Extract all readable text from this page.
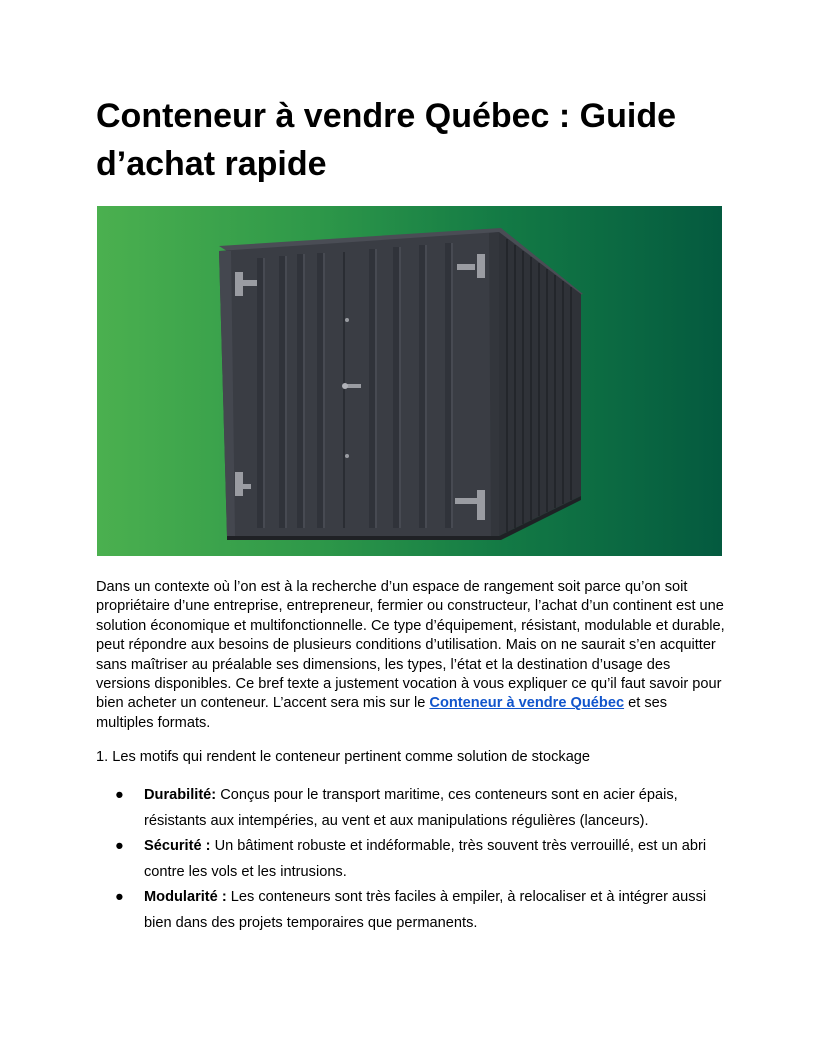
Conteneur à vendre Québec : Guide d’achat rapide

Dans un contexte où l’on est à la recherche d’un espace de rangement soit parce qu’on soit propriétaire d’une entreprise, entrepreneur, fermier ou constructeur, l’achat d’un continent est une solution économique et multifonctionnelle. Ce type d’équipement, résistant, modulable et durable, peut répondre aux besoins de plusieurs conditions d’utilisation. Mais on ne saurait s’en acquitter sans maîtriser au préalable ses dimensions, les types, l’état et la destination d’usage des versions disponibles. Ce bref texte a justement vocation à vous expliquer ce qu’il faut savoir pour bien acheter un conteneur. L’accent sera mis sur le Conteneur à vendre Québec et ses multiples formats.

1. Les motifs qui rendent le conteneur pertinent comme solution de stockage

● Durabilité: Conçus pour le transport maritime, ces conteneurs sont en acier épais, résistants aux intempéries, au vent et aux manipulations régulières (lanceurs).
● Sécurité : Un bâtiment robuste et indéformable, très souvent très verrouillé, est un abri contre les vols et les intrusions.
● Modularité : Les conteneurs sont très faciles à empiler, à relocaliser et à intégrer aussi bien dans des projets temporaires que permanents.
